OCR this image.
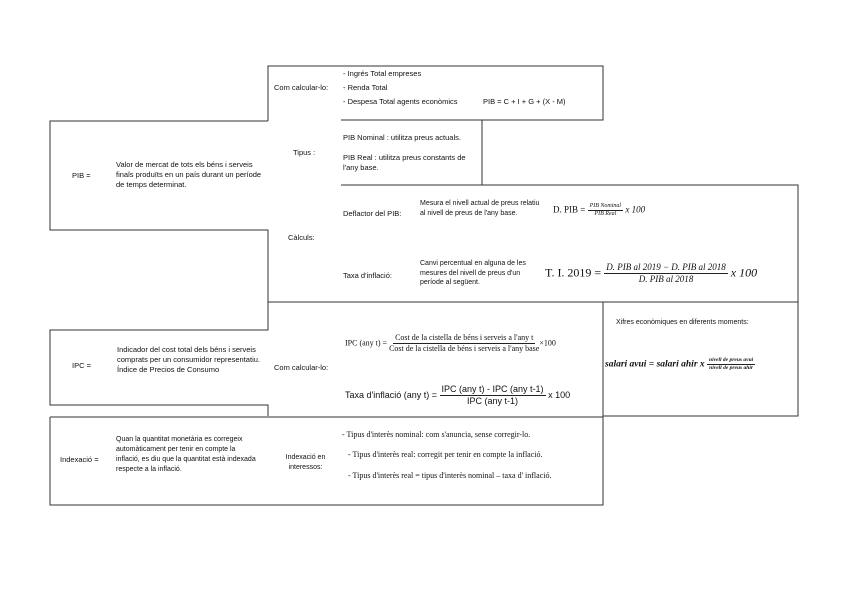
Com calcular-lo:
- Ingrés Total empreses
- Renda Total
- Despesa Total agents econòmics	PIB = C + I + G + (X - M)
PIB =
Valor de mercat de tots els béns i serveis finals produïts en un país durant un període de temps determinat.
Tipus :
PIB Nominal : utilitza preus actuals.
PIB Real : utilitza preus constants de l'any base.
Càlculs:
Deflactor del PIB:
Mesura el nivell actual de preus relatiu al nivell de preus de l'any base.	D. PIB = $\frac{\text{PIB Nominal}}{\text{PIB Real}}$ x 100
Taxa d'inflació:
Canvi percentual en alguna de les mesures del nivell de preus d'un període al següent.
T. I. $2019 = \frac{\text{D. PIB al 2019 − D. PIB al 2018}}{\text{D. PIB al 2018}}$ x 100
IPC =
Indicador del cost total dels béns i serveis comprats per un consumidor representatiu. Índice de Precios de Consumo	Com calcular-lo:
IPC (any $t) = \frac{\text{Cost de la cistella de béns i serveis a l'any t}}{\text{Cost de la cistella de béns i serveis a l'any base}} \times 100$
Taxa d'inflació (any $t) = \frac{\text{IPC (any t) - IPC (any t-1)}}{\text{IPC (any t-1)}}$ x 100
Xifres econòmiques en diferents moments:
salari avui = salari ahir x $\frac{\text{nivell de preus avui}}{\text{nivell de preus ahir}}$
Indexació =
Quan la quantitat monetària es corregeix automàticament per tenir en compte la inflació, es diu que la quantitat està indexada respecte a la inflació.
Indexació en interessos:
- Tipus d'interès nominal: com s'anuncia, sense corregir-lo.
- Tipus d'interès real: corregit per tenir en compte la inflació.
- Tipus d'interès real = tipus d'interès nominal – taxa d' inflació.
